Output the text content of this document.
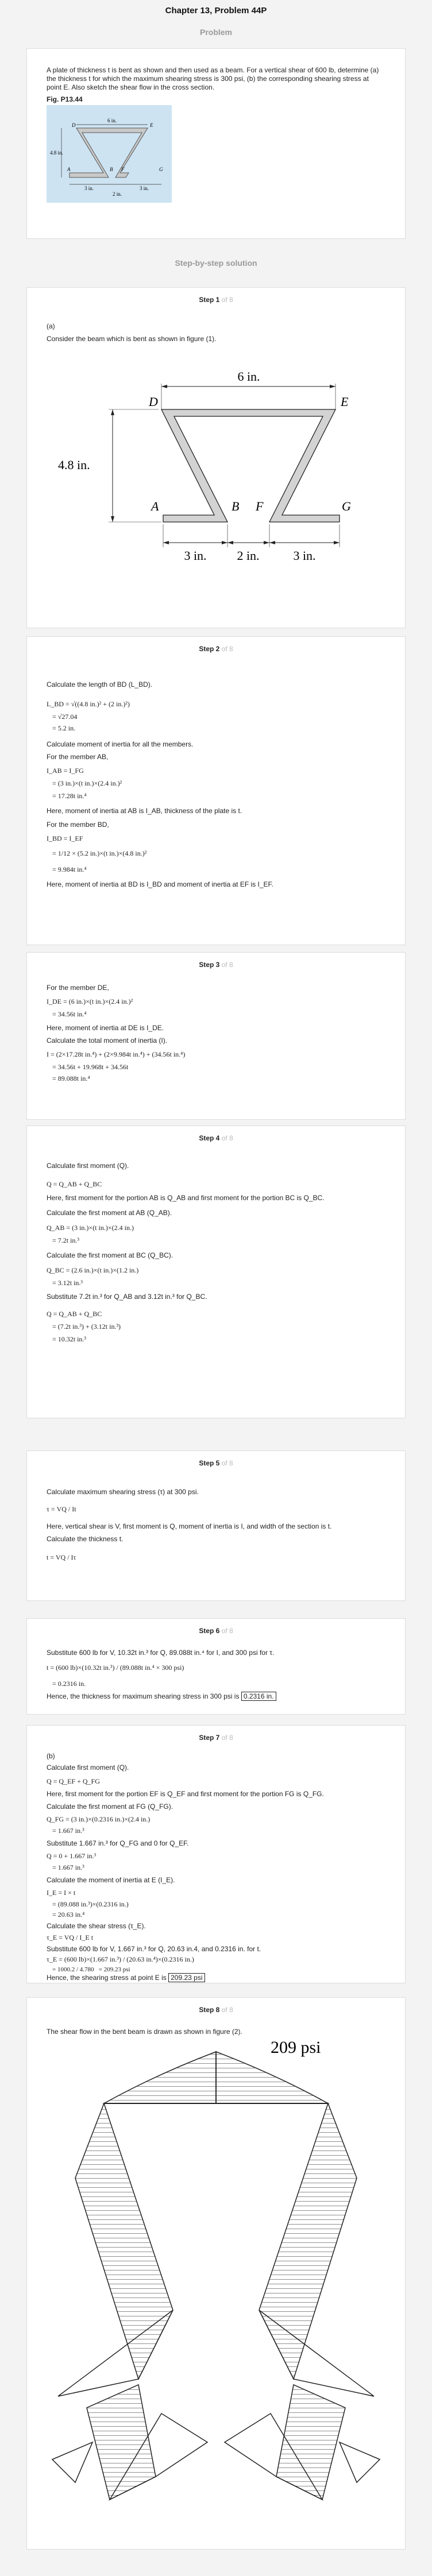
Chapter 13, Problem 44P
Problem
A plate of thickness t is bent as shown and then used as a beam. For a vertical shear of 600 lb, determine (a) the thickness t for which the maximum shearing stress is 300 psi, (b) the corresponding shearing stress at point E. Also sketch the shear flow in the cross section.
Fig. P13.44
6 in.
4.8 in.
3 in.
2 in.
3 in.
D	E
A	B F	G
Step-by-step solution
Step 1 of 8
(a)
Consider the beam which is bent as shown in figure (1).
6 in.
4.8 in.
3 in. 2 in.	3 in.
D	E
A	B F	G
Step 2 of 8
Calculate the length of BD (L_BD).
L_BD = √((4.8 in.)² + (2 in.)²)
= √27.04
= 5.2 in.
Calculate moment of inertia for all the members.
For the member AB,
I_AB = I_FG
= (3 in.)×(t in.)×(2.4 in.)²
= 17.28t in.⁴
Here, moment of inertia at AB is I_AB, thickness of the plate is t.
For the member BD,
I_BD = I_EF
= 1/12 × (5.2 in.)×(t in.)×(4.8 in.)²
= 9.984t in.⁴
Here, moment of inertia at BD is I_BD and moment of inertia at EF is I_EF.
Step 3 of 8
For the member DE,
I_DE = (6 in.)×(t in.)×(2.4 in.)²
= 34.56t in.⁴
Here, moment of inertia at DE is I_DE.
Calculate the total moment of inertia (I).
I = (2×17.28t in.⁴) + (2×9.984t in.⁴) + (34.56t in.⁴)
= 34.56t + 19.968t + 34.56t
= 89.088t in.⁴
Step 4 of 8
Calculate first moment (Q).
Q = Q_AB + Q_BC
Here, first moment for the portion AB is Q_AB and first moment for the portion BC is Q_BC.
Calculate the first moment at AB (Q_AB).
Q_AB = (3 in.)×(t in.)×(2.4 in.)
= 7.2t in.³
Calculate the first moment at BC (Q_BC).
Q_BC = (2.6 in.)×(t in.)×(1.2 in.)
= 3.12t in.³
Substitute 7.2t in.³ for Q_AB and 3.12t in.³ for Q_BC.
Q = Q_AB + Q_BC
= (7.2t in.³) + (3.12t in.³)
= 10.32t in.³
Step 5 of 8
Calculate maximum shearing stress (τ) at 300 psi.
τ = VQ / It
Here, vertical shear is V, first moment is Q, moment of inertia is I, and width of the section is t.
Calculate the thickness t.
t = VQ / Iτ
Step 6 of 8
Substitute 600 lb for V, 10.32t in.³ for Q, 89.088t in.⁴ for I, and 300 psi for τ.
t = (600 lb)×(10.32t in.³) / (89.088t in.⁴ × 300 psi)
= 0.2316 in.
Hence, the thickness for maximum shearing stress in 300 psi is 0.2316 in.
Step 7 of 8
(b)
Calculate first moment (Q).
Q = Q_EF + Q_FG
Here, first moment for the portion EF is Q_EF and first moment for the portion FG is Q_FG.
Calculate the first moment at FG (Q_FG).
Q_FG = (3 in.)×(0.2316 in.)×(2.4 in.)
= 1.667 in.³
Substitute 1.667 in.³ for Q_FG and 0 for Q_EF.
Q = 0 + 1.667 in.³
= 1.667 in.³
Calculate the moment of inertia at E (I_E).
I_E = I × t
= (89.088 in.³)×(0.2316 in.)
= 20.63 in.⁴
Calculate the shear stress (τ_E).
τ_E = VQ / I_E t
Substitute 600 lb for V, 1.667 in.³ for Q, 20.63 in.4, and 0.2316 in. for t.
τ_E = (600 lb)×(1.667 in.³) / (20.63 in.⁴)×(0.2316 in.)
= 1000.2 / 4.780 = 209.23 psi
Hence, the shearing stress at point E is 209.23 psi
Step 8 of 8
The shear flow in the bent beam is drawn as shown in figure (2).
209 psi
